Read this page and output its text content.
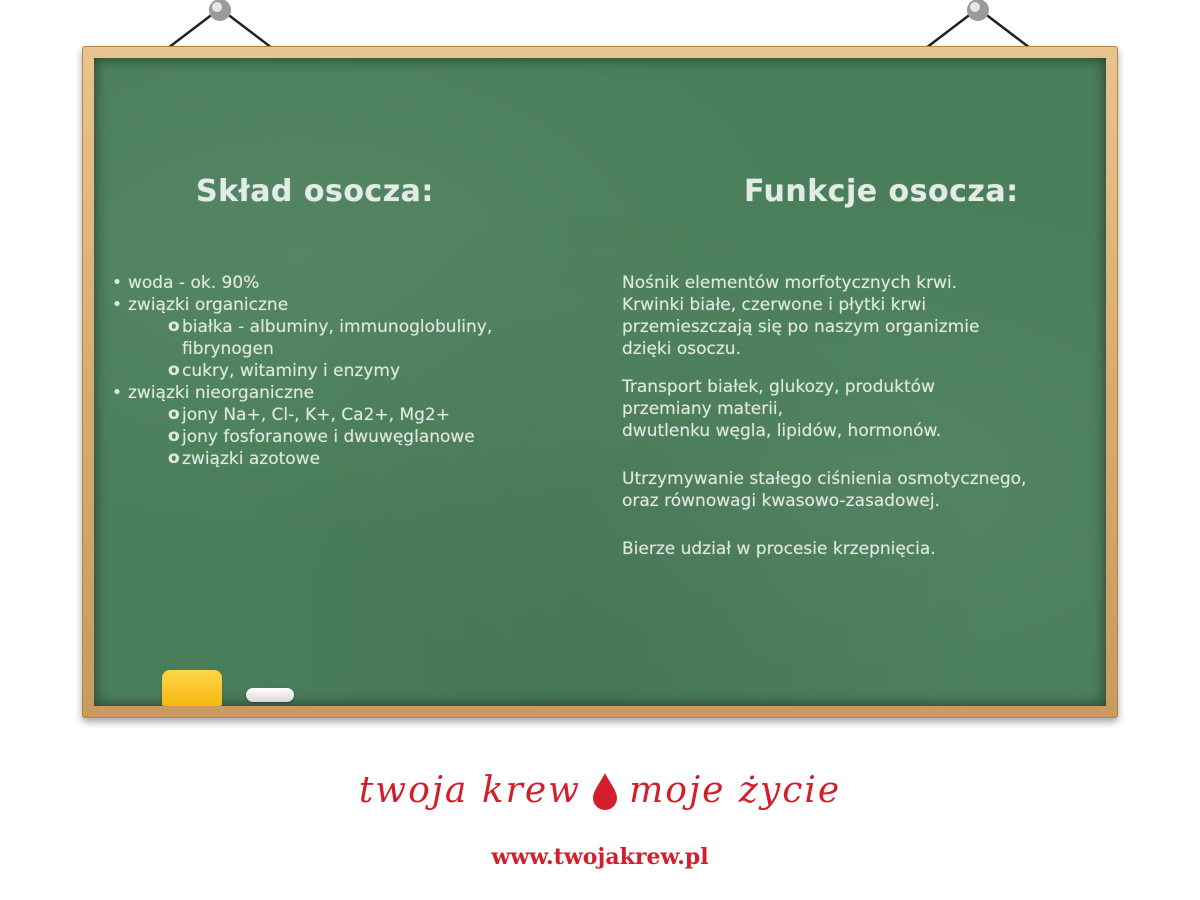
Skład osocza:	Funkcje osocza:
• woda - ok. 90%
• związki organiczne
o białka - albuminy, immunoglobuliny,
fibrynogen
o cukry, witaminy i enzymy
• związki nieorganiczne
o jony Na+, Cl-, K+, Ca2+, Mg2+
o jony fosforanowe i dwuwęglanowe
o związki azotowe
Nośnik elementów morfotycznych krwi.
Krwinki białe, czerwone i płytki krwi
przemieszczają się po naszym organizmie
dzięki osoczu.
Transport białek, glukozy, produktów
przemiany materii,
dwutlenku węgla, lipidów, hormonów.
Utrzymywanie stałego ciśnienia osmotycznego,
oraz równowagi kwasowo-zasadowej.
Bierze udział w procesie krzepnięcia.
twoja krew moje życie
www.twojakrew.pl
